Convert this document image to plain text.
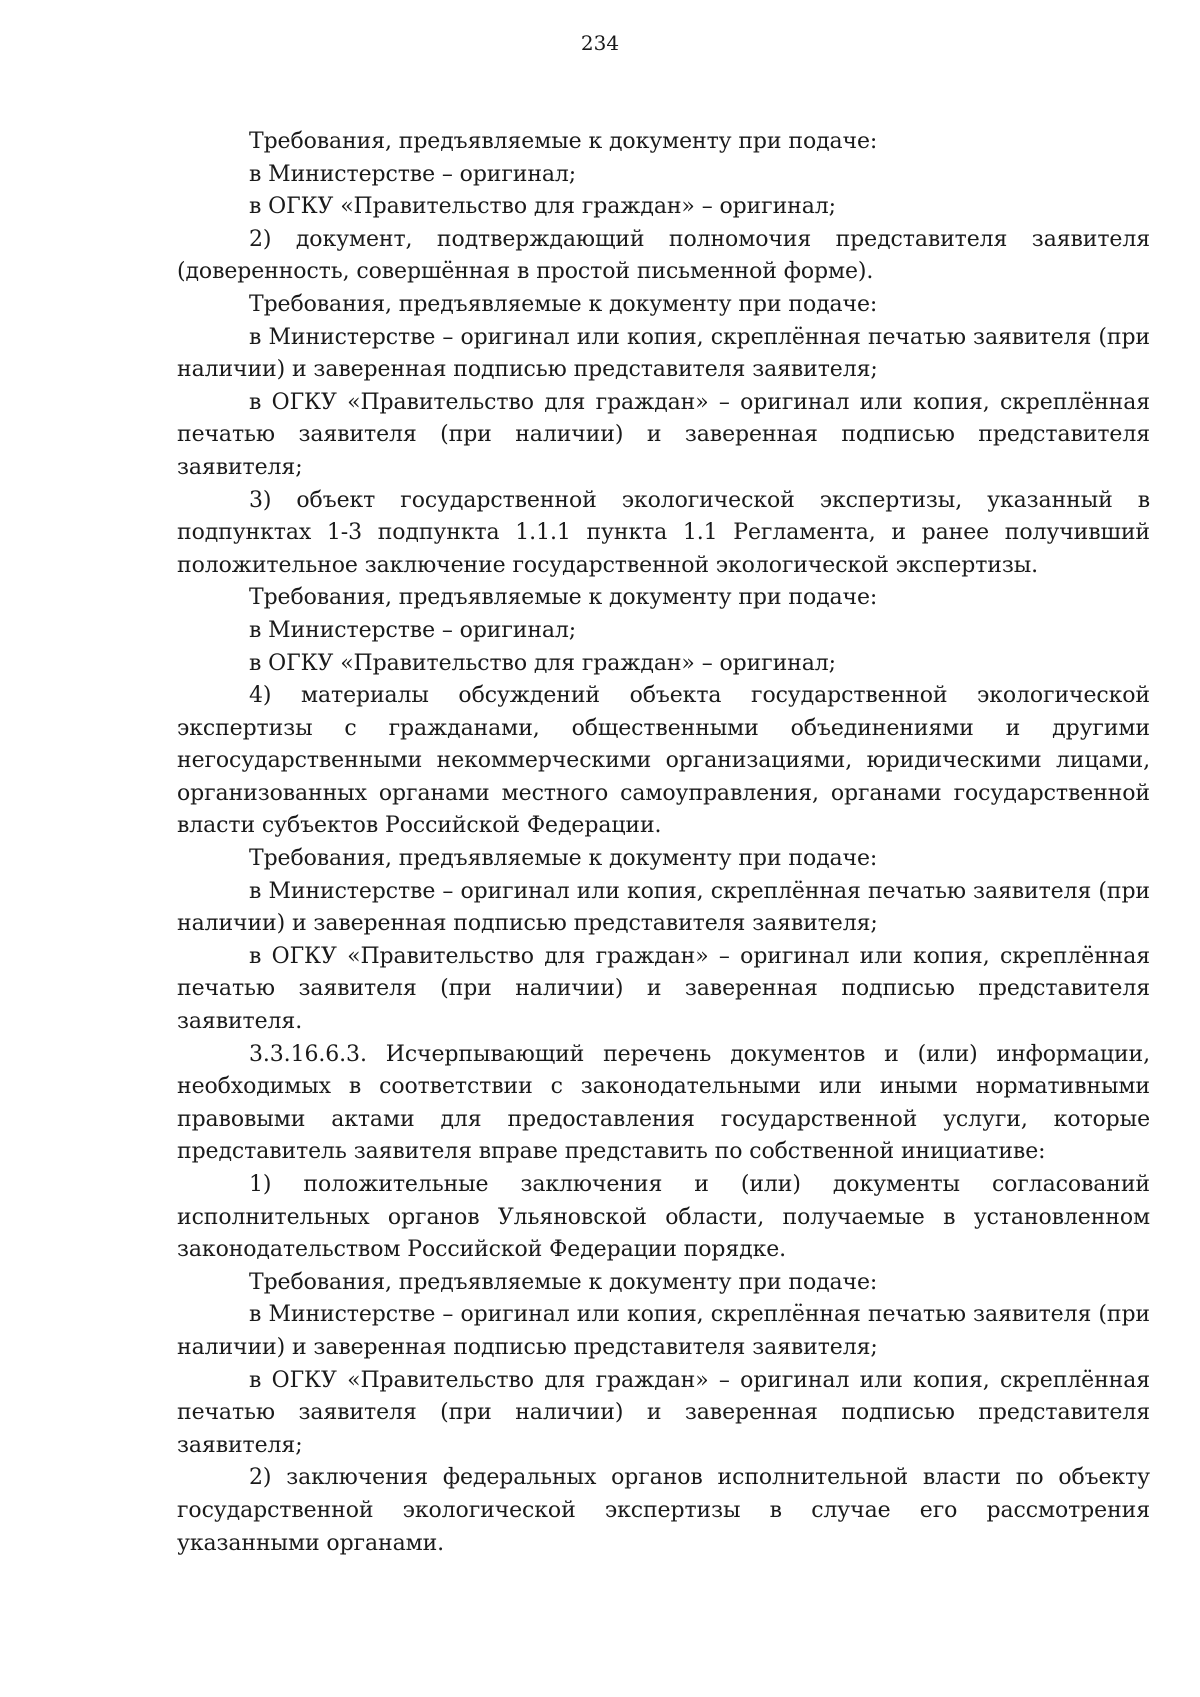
234

Требования, предъявляемые к документу при подаче:

в Министерстве – оригинал;

в ОГКУ «Правительство для граждан» – оригинал;

2) документ, подтверждающий полномочия представителя заявителя (доверенность, совершённая в простой письменной форме).

Требования, предъявляемые к документу при подаче:

в Министерстве – оригинал или копия, скреплённая печатью заявителя (при наличии) и заверенная подписью представителя заявителя;

в ОГКУ «Правительство для граждан» – оригинал или копия, скреплённая печатью заявителя (при наличии) и заверенная подписью представителя заявителя;

3) объект государственной экологической экспертизы, указанный в подпунктах 1-3 подпункта 1.1.1 пункта 1.1 Регламента, и ранее получивший положительное заключение государственной экологической экспертизы.

Требования, предъявляемые к документу при подаче:

в Министерстве – оригинал;

в ОГКУ «Правительство для граждан» – оригинал;

4) материалы обсуждений объекта государственной экологической экспертизы с гражданами, общественными объединениями и другими негосударственными некоммерческими организациями, юридическими лицами, организованных органами местного самоуправления, органами государственной власти субъектов Российской Федерации.

Требования, предъявляемые к документу при подаче:

в Министерстве – оригинал или копия, скреплённая печатью заявителя (при наличии) и заверенная подписью представителя заявителя;

в ОГКУ «Правительство для граждан» – оригинал или копия, скреплённая печатью заявителя (при наличии) и заверенная подписью представителя заявителя.

3.3.16.6.3. Исчерпывающий перечень документов и (или) информации, необходимых в соответствии с законодательными или иными нормативными правовыми актами для предоставления государственной услуги, которые представитель заявителя вправе представить по собственной инициативе:

1) положительные заключения и (или) документы согласований исполнительных органов Ульяновской области, получаемые в установленном законодательством Российской Федерации порядке.

Требования, предъявляемые к документу при подаче:

в Министерстве – оригинал или копия, скреплённая печатью заявителя (при наличии) и заверенная подписью представителя заявителя;

в ОГКУ «Правительство для граждан» – оригинал или копия, скреплённая печатью заявителя (при наличии) и заверенная подписью представителя заявителя;

2) заключения федеральных органов исполнительной власти по объекту государственной экологической экспертизы в случае его рассмотрения указанными органами.
